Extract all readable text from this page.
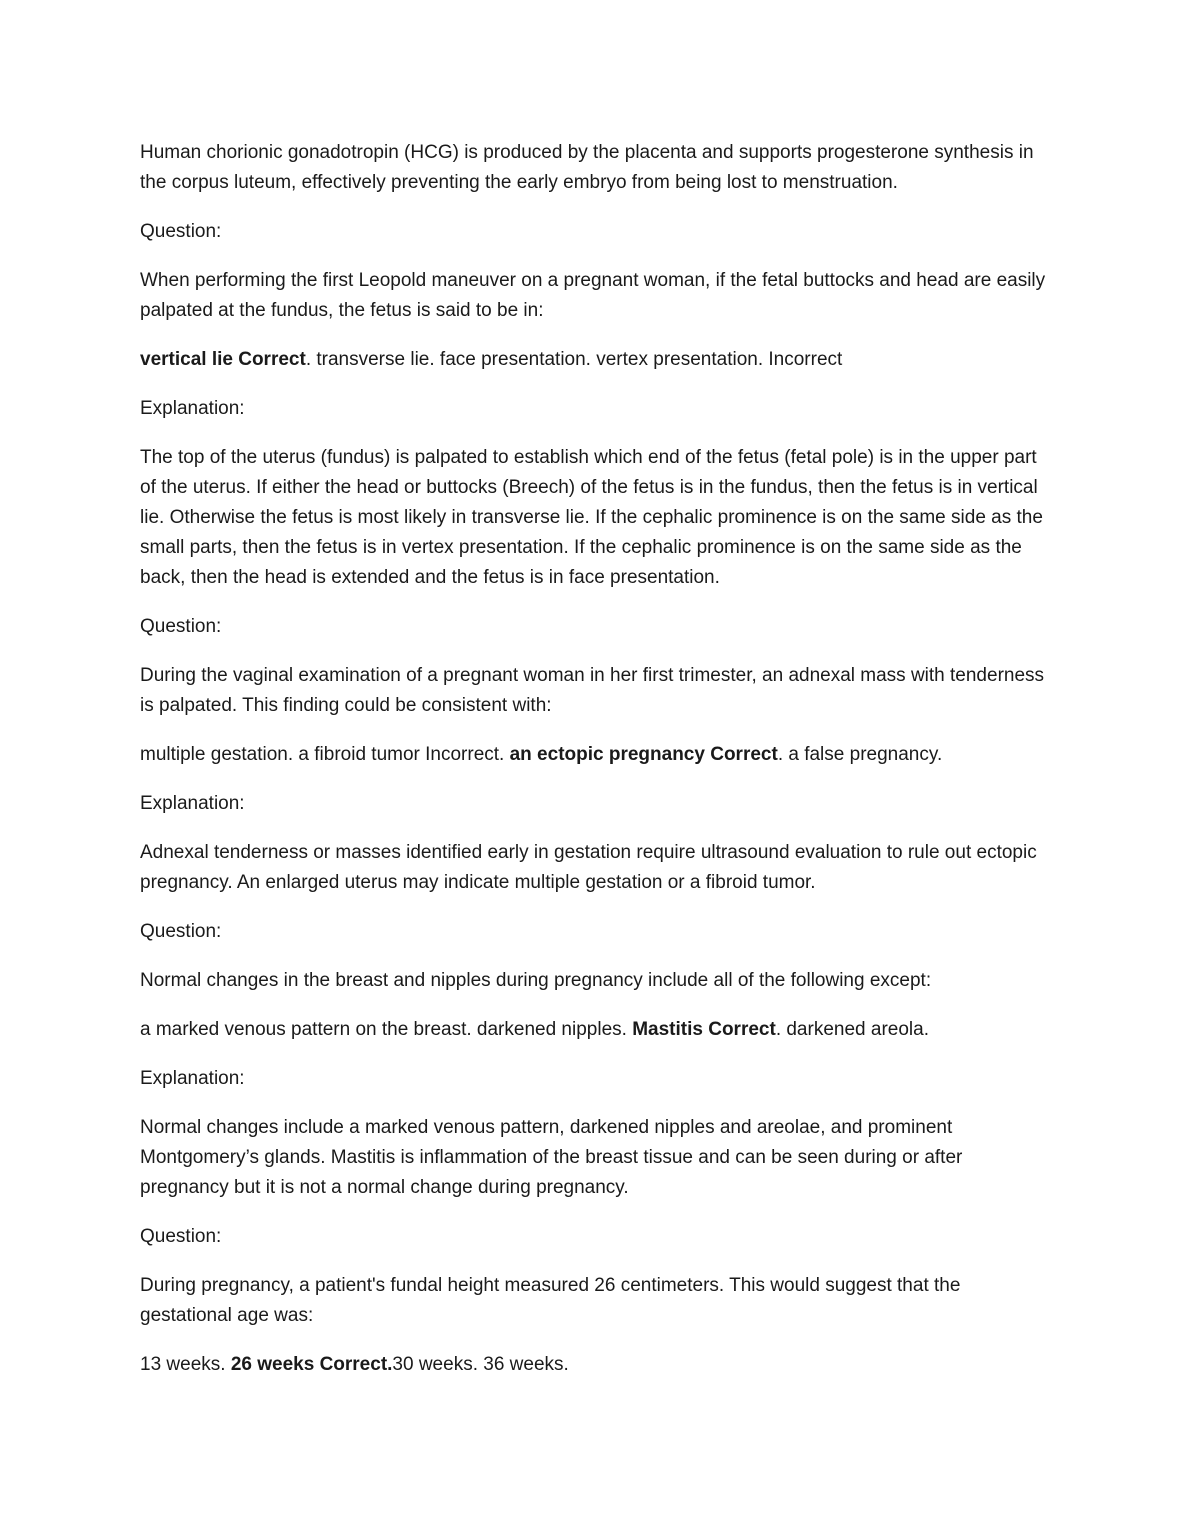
Human chorionic gonadotropin (HCG) is produced by the placenta and supports progesterone synthesis in the corpus luteum, effectively preventing the early embryo from being lost to menstruation.

Question:

When performing the first Leopold maneuver on a pregnant woman, if the fetal buttocks and head are easily palpated at the fundus, the fetus is said to be in:

vertical lie Correct. transverse lie. face presentation. vertex presentation. Incorrect

Explanation:

The top of the uterus (fundus) is palpated to establish which end of the fetus (fetal pole) is in the upper part of the uterus. If either the head or buttocks (Breech) of the fetus is in the fundus, then the fetus is in vertical lie. Otherwise the fetus is most likely in transverse lie. If the cephalic prominence is on the same side as the small parts, then the fetus is in vertex presentation. If the cephalic prominence is on the same side as the back, then the head is extended and the fetus is in face presentation.

Question:

During the vaginal examination of a pregnant woman in her first trimester, an adnexal mass with tenderness is palpated. This finding could be consistent with:

multiple gestation. a fibroid tumor Incorrect. an ectopic pregnancy Correct. a false pregnancy.

Explanation:

Adnexal tenderness or masses identified early in gestation require ultrasound evaluation to rule out ectopic pregnancy. An enlarged uterus may indicate multiple gestation or a fibroid tumor.

Question:

Normal changes in the breast and nipples during pregnancy include all of the following except:

a marked venous pattern on the breast. darkened nipples. Mastitis Correct. darkened areola.

Explanation:

Normal changes include a marked venous pattern, darkened nipples and areolae, and prominent Montgomery’s glands. Mastitis is inflammation of the breast tissue and can be seen during or after pregnancy but it is not a normal change during pregnancy.

Question:

During pregnancy, a patient's fundal height measured 26 centimeters. This would suggest that the gestational age was:

13 weeks. 26 weeks Correct.30 weeks. 36 weeks.
